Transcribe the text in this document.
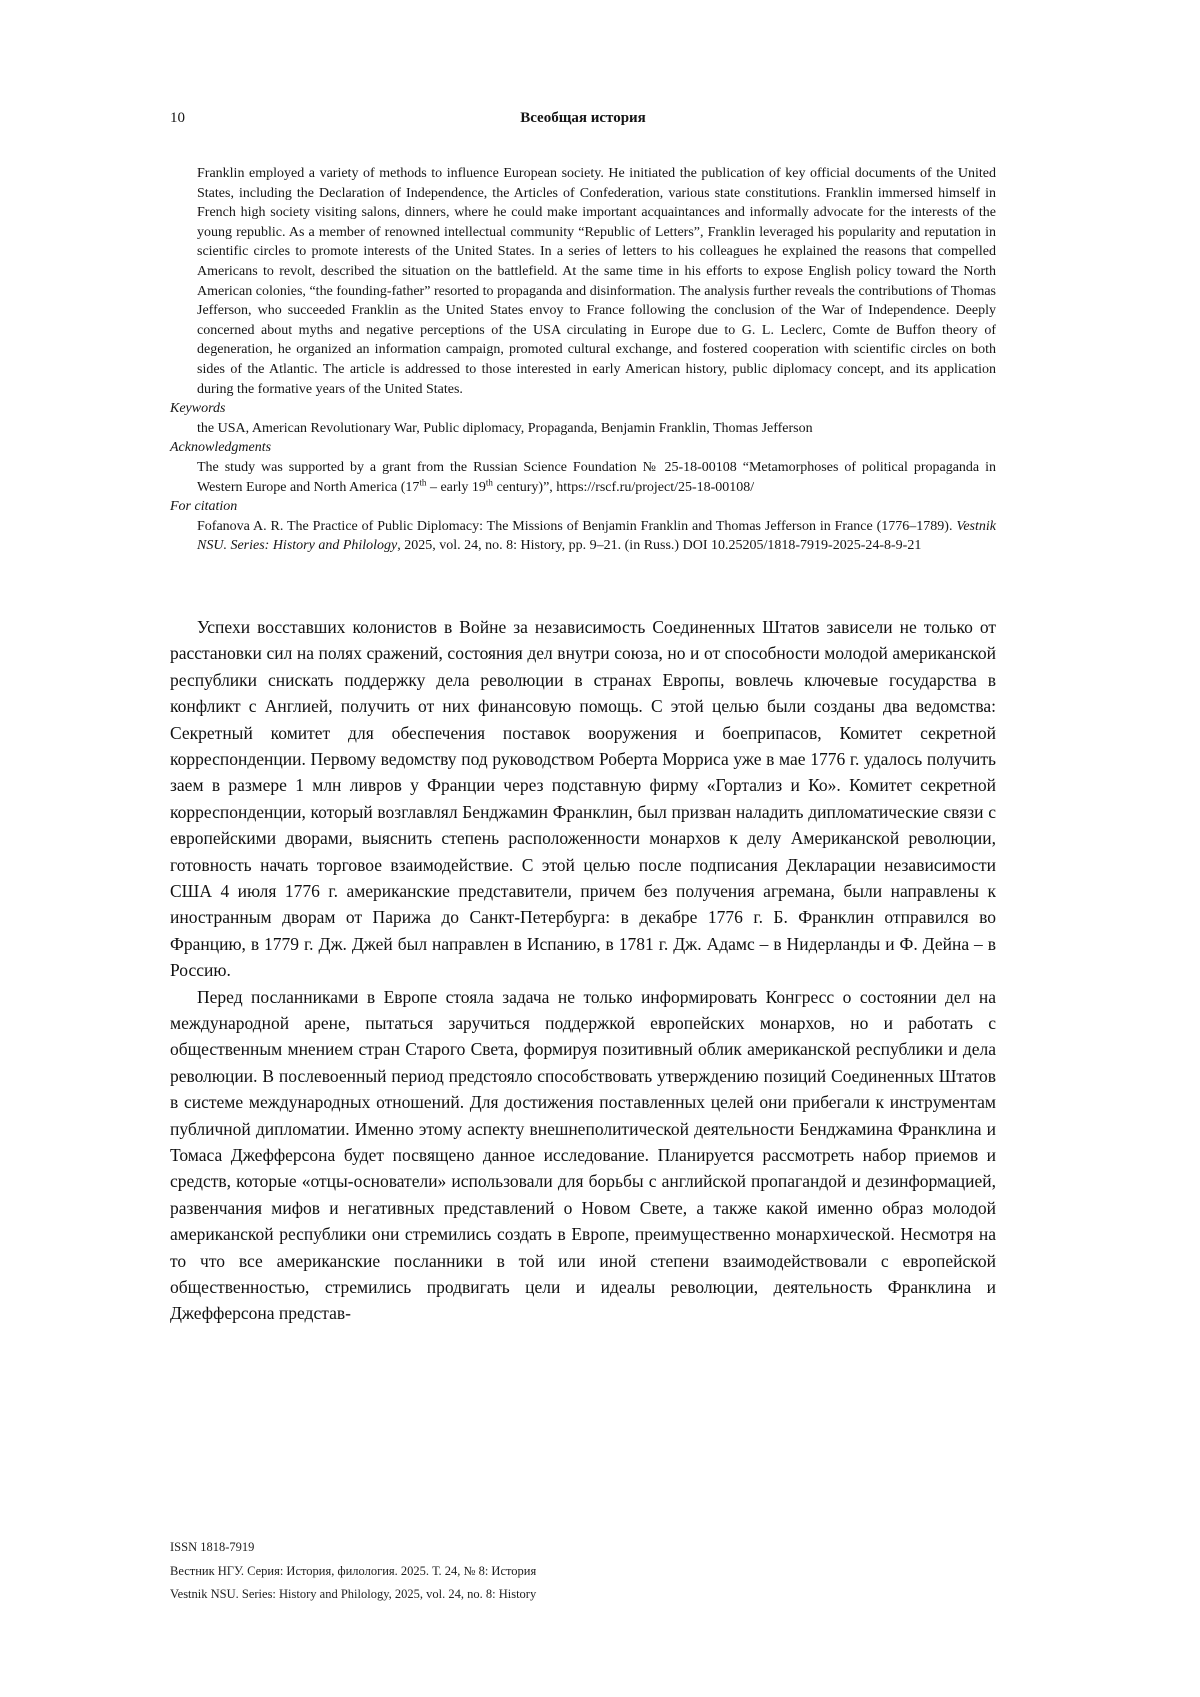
10	Всеобщая история

Franklin employed a variety of methods to influence European society. He initiated the publication of key official documents of the United States, including the Declaration of Independence, the Articles of Confederation, various state constitutions. Franklin immersed himself in French high society visiting salons, dinners, where he could make important acquaintances and informally advocate for the interests of the young republic. As a member of renowned intellectual community “Republic of Letters”, Franklin leveraged his popularity and reputation in scientific circles to promote interests of the United States. In a series of letters to his colleagues he explained the reasons that compelled Americans to revolt, described the situation on the battlefield. At the same time in his efforts to expose English policy toward the North American colonies, “the founding-father” resorted to propaganda and disinformation. The analysis further reveals the contributions of Thomas Jefferson, who succeeded Franklin as the United States envoy to France following the conclusion of the War of Independence. Deeply concerned about myths and negative perceptions of the USA circulating in Europe due to G. L. Leclerc, Comte de Buffon theory of degeneration, he organized an information campaign, promoted cultural exchange, and fostered cooperation with scientific circles on both sides of the Atlantic. The article is addressed to those interested in early American history, public diplomacy concept, and its application during the formative years of the United States.

Keywords

the USA, American Revolutionary War, Public diplomacy, Propaganda, Benjamin Franklin, Thomas Jefferson

Acknowledgments

The study was supported by a grant from the Russian Science Foundation № 25-18-00108 “Metamorphoses of political propaganda in Western Europe and North America (17th – early 19th century)”, https://rscf.ru/project/25-18-00108/

For citation

Fofanova A. R. The Practice of Public Diplomacy: The Missions of Benjamin Franklin and Thomas Jefferson in France (1776–1789). Vestnik NSU. Series: History and Philology, 2025, vol. 24, no. 8: History, pp. 9–21. (in Russ.) DOI 10.25205/1818-7919-2025-24-8-9-21

Успехи восставших колонистов в Войне за независимость Соединенных Штатов зависели не только от расстановки сил на полях сражений, состояния дел внутри союза, но и от способности молодой американской республики снискать поддержку дела революции в странах Европы, вовлечь ключевые государства в конфликт с Англией, получить от них финансовую помощь. С этой целью были созданы два ведомства: Секретный комитет для обеспечения поставок вооружения и боеприпасов, Комитет секретной корреспонденции. Первому ведомству под руководством Роберта Морриса уже в мае 1776 г. удалось получить заем в размере 1 млн ливров у Франции через подставную фирму «Гортализ и Ко». Комитет секретной корреспонденции, который возглавлял Бенджамин Франклин, был призван наладить дипломатические связи с европейскими дворами, выяснить степень расположенности монархов к делу Американской революции, готовность начать торговое взаимодействие. С этой целью после подписания Декларации независимости США 4 июля 1776 г. американские представители, причем без получения агремана, были направлены к иностранным дворам от Парижа до Санкт-Петербурга: в декабре 1776 г. Б. Франклин отправился во Францию, в 1779 г. Дж. Джей был направлен в Испанию, в 1781 г. Дж. Адамс – в Нидерланды и Ф. Дейна – в Россию.

Перед посланниками в Европе стояла задача не только информировать Конгресс о состоянии дел на международной арене, пытаться заручиться поддержкой европейских монархов, но и работать с общественным мнением стран Старого Света, формируя позитивный облик американской республики и дела революции. В послевоенный период предстояло способствовать утверждению позиций Соединенных Штатов в системе международных отношений. Для достижения поставленных целей они прибегали к инструментам публичной дипломатии. Именно этому аспекту внешнеполитической деятельности Бенджамина Франклина и Томаса Джефферсона будет посвящено данное исследование. Планируется рассмотреть набор приемов и средств, которые «отцы-основатели» использовали для борьбы с английской пропагандой и дезинформацией, развенчания мифов и негативных представлений о Новом Свете, а также какой именно образ молодой американской республики они стремились создать в Европе, преимущественно монархической. Несмотря на то что все американские посланники в той или иной степени взаимодействовали с европейской общественностью, стремились продвигать цели и идеалы революции, деятельность Франклина и Джефферсона представ-

ISSN 1818-7919
Вестник НГУ. Серия: История, филология. 2025. Т. 24, № 8: История
Vestnik NSU. Series: History and Philology, 2025, vol. 24, no. 8: History
